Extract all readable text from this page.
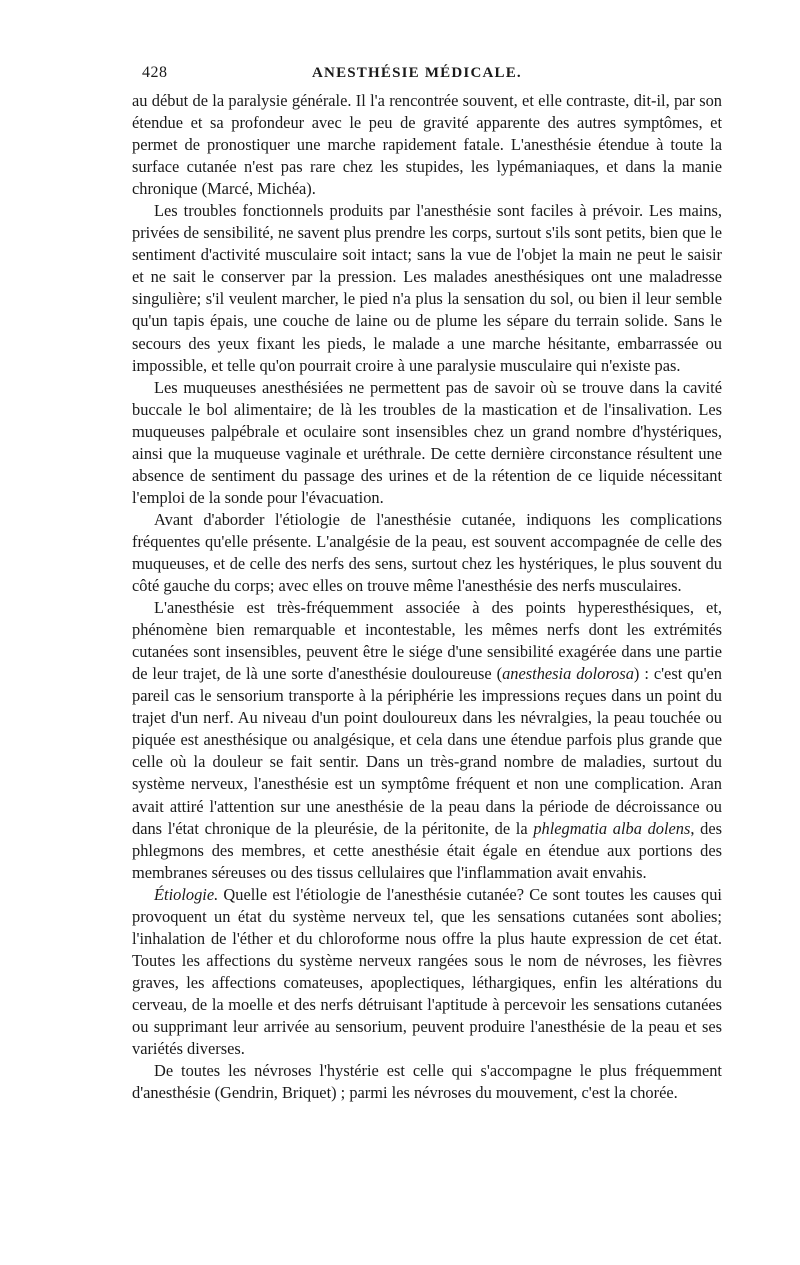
428	ANESTHÉSIE MÉDICALE.

au début de la paralysie générale. Il l'a rencontrée souvent, et elle contraste, dit-il, par son étendue et sa profondeur avec le peu de gravité apparente des autres symptômes, et permet de pronostiquer une marche rapidement fatale. L'anesthésie étendue à toute la surface cutanée n'est pas rare chez les stupides, les lypémaniaques, et dans la manie chronique (Marcé, Michéa).

Les troubles fonctionnels produits par l'anesthésie sont faciles à prévoir. Les mains, privées de sensibilité, ne savent plus prendre les corps, surtout s'ils sont petits, bien que le sentiment d'activité musculaire soit intact; sans la vue de l'objet la main ne peut le saisir et ne sait le conserver par la pression. Les malades anesthésiques ont une maladresse singulière; s'il veulent marcher, le pied n'a plus la sensation du sol, ou bien il leur semble qu'un tapis épais, une couche de laine ou de plume les sépare du terrain solide. Sans le secours des yeux fixant les pieds, le malade a une marche hésitante, embarrassée ou impossible, et telle qu'on pourrait croire à une paralysie musculaire qui n'existe pas.

Les muqueuses anesthésiées ne permettent pas de savoir où se trouve dans la cavité buccale le bol alimentaire; de là les troubles de la mastication et de l'insalivation. Les muqueuses palpébrale et oculaire sont insensibles chez un grand nombre d'hystériques, ainsi que la muqueuse vaginale et uréthrale. De cette dernière circonstance résultent une absence de sentiment du passage des urines et de la rétention de ce liquide nécessitant l'emploi de la sonde pour l'évacuation.

Avant d'aborder l'étiologie de l'anesthésie cutanée, indiquons les complications fréquentes qu'elle présente. L'analgésie de la peau, est souvent accompagnée de celle des muqueuses, et de celle des nerfs des sens, surtout chez les hystériques, le plus souvent du côté gauche du corps; avec elles on trouve même l'anesthésie des nerfs musculaires.

L'anesthésie est très-fréquemment associée à des points hyperesthésiques, et, phénomène bien remarquable et incontestable, les mêmes nerfs dont les extrémités cutanées sont insensibles, peuvent être le siége d'une sensibilité exagérée dans une partie de leur trajet, de là une sorte d'anesthésie douloureuse (anesthesia dolorosa) : c'est qu'en pareil cas le sensorium transporte à la périphérie les impressions reçues dans un point du trajet d'un nerf. Au niveau d'un point douloureux dans les névralgies, la peau touchée ou piquée est anesthésique ou analgésique, et cela dans une étendue parfois plus grande que celle où la douleur se fait sentir. Dans un très-grand nombre de maladies, surtout du système nerveux, l'anesthésie est un symptôme fréquent et non une complication. Aran avait attiré l'attention sur une anesthésie de la peau dans la période de décroissance ou dans l'état chronique de la pleurésie, de la péritonite, de la phlegmatia alba dolens, des phlegmons des membres, et cette anesthésie était égale en étendue aux portions des membranes séreuses ou des tissus cellulaires que l'inflammation avait envahis.

Étiologie. Quelle est l'étiologie de l'anesthésie cutanée? Ce sont toutes les causes qui provoquent un état du système nerveux tel, que les sensations cutanées sont abolies; l'inhalation de l'éther et du chloroforme nous offre la plus haute expression de cet état. Toutes les affections du système nerveux rangées sous le nom de névroses, les fièvres graves, les affections comateuses, apoplectiques, léthargiques, enfin les altérations du cerveau, de la moelle et des nerfs détruisant l'aptitude à percevoir les sensations cutanées ou supprimant leur arrivée au sensorium, peuvent produire l'anesthésie de la peau et ses variétés diverses.

De toutes les névroses l'hystérie est celle qui s'accompagne le plus fréquemment d'anesthésie (Gendrin, Briquet) ; parmi les névroses du mouvement, c'est la chorée.
